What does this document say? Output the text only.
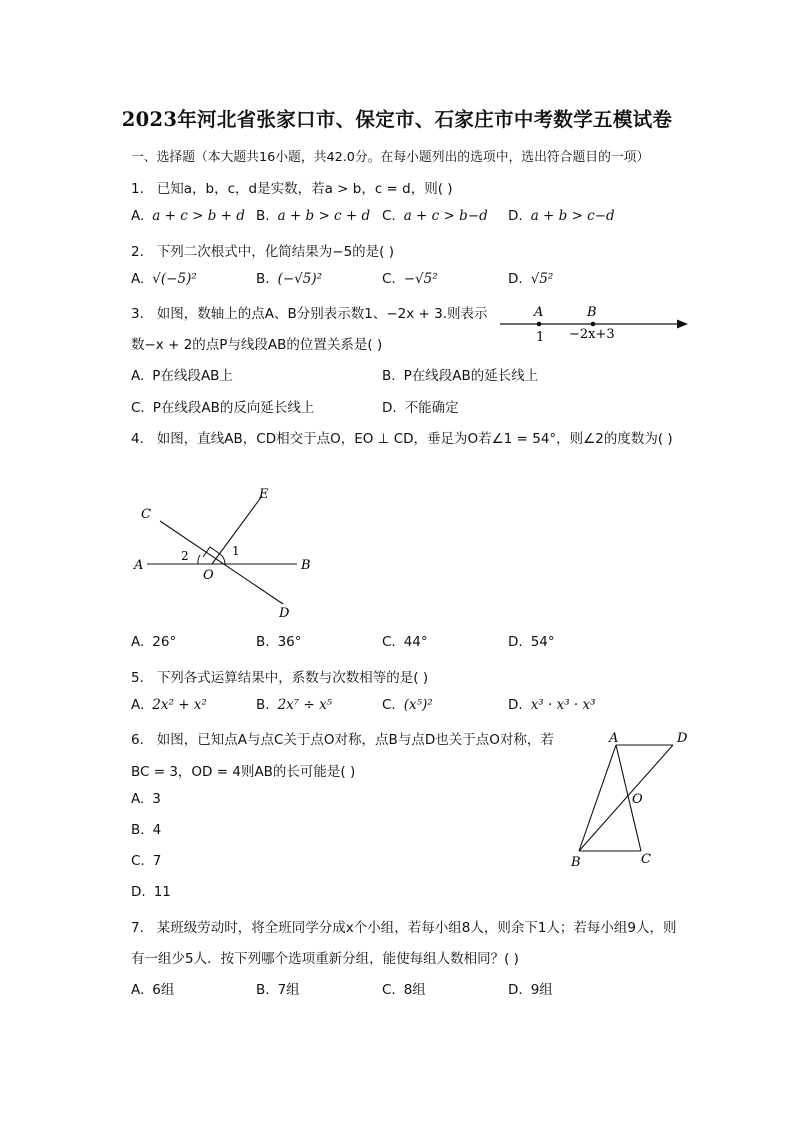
2023年河北省张家口市、保定市、石家庄市中考数学五模试卷
一、选择题（本大题共16小题，共42.0分。在每小题列出的选项中，选出符合题目的一项）
1. 已知a，b，c，d是实数，若a > b，c = d，则( )
A. a + c > b + d B. a + b > c + d C. a + c > b−d D. a + b > c−d
2. 下列二次根式中，化简结果为−5的是( )
A. √(−5)²	B. (−√5)²	C. −√5²	D. √5²
3. 如图，数轴上的点A、B分别表示数1、−2x + 3.则表示
数−x + 2的点P与线段AB的位置关系是( )
A	B
1 −2x+3
A. P在线段AB上	B. P在线段AB的延长线上
C. P在线段AB的反向延长线上	D. 不能确定
4. 如图，直线AB，CD相交于点O，EO ⊥ CD，垂足为O若∠1 = 54°，则∠2的度数为( )
C
E
A	B
O
D
1
2
A. 26°	B. 36°	C. 44°	D. 54°
5. 下列各式运算结果中，系数与次数相等的是( )
A. 2x² + x²	B. 2x⁷ ÷ x⁵	C. (x⁵)²	D. x³ · x³ · x³
6. 如图，已知点A与点C关于点O对称，点B与点D也关于点O对称，若
BC = 3，OD = 4则AB的长可能是( )
A. 3
B. 4
C. 7
D. 11
A	D
O
B	C
7. 某班级劳动时，将全班同学分成x个小组，若每小组8人，则余下1人；若每小组9人，则
有一组少5人．按下列哪个选项重新分组，能使每组人数相同？( )
A. 6组	B. 7组	C. 8组	D. 9组
